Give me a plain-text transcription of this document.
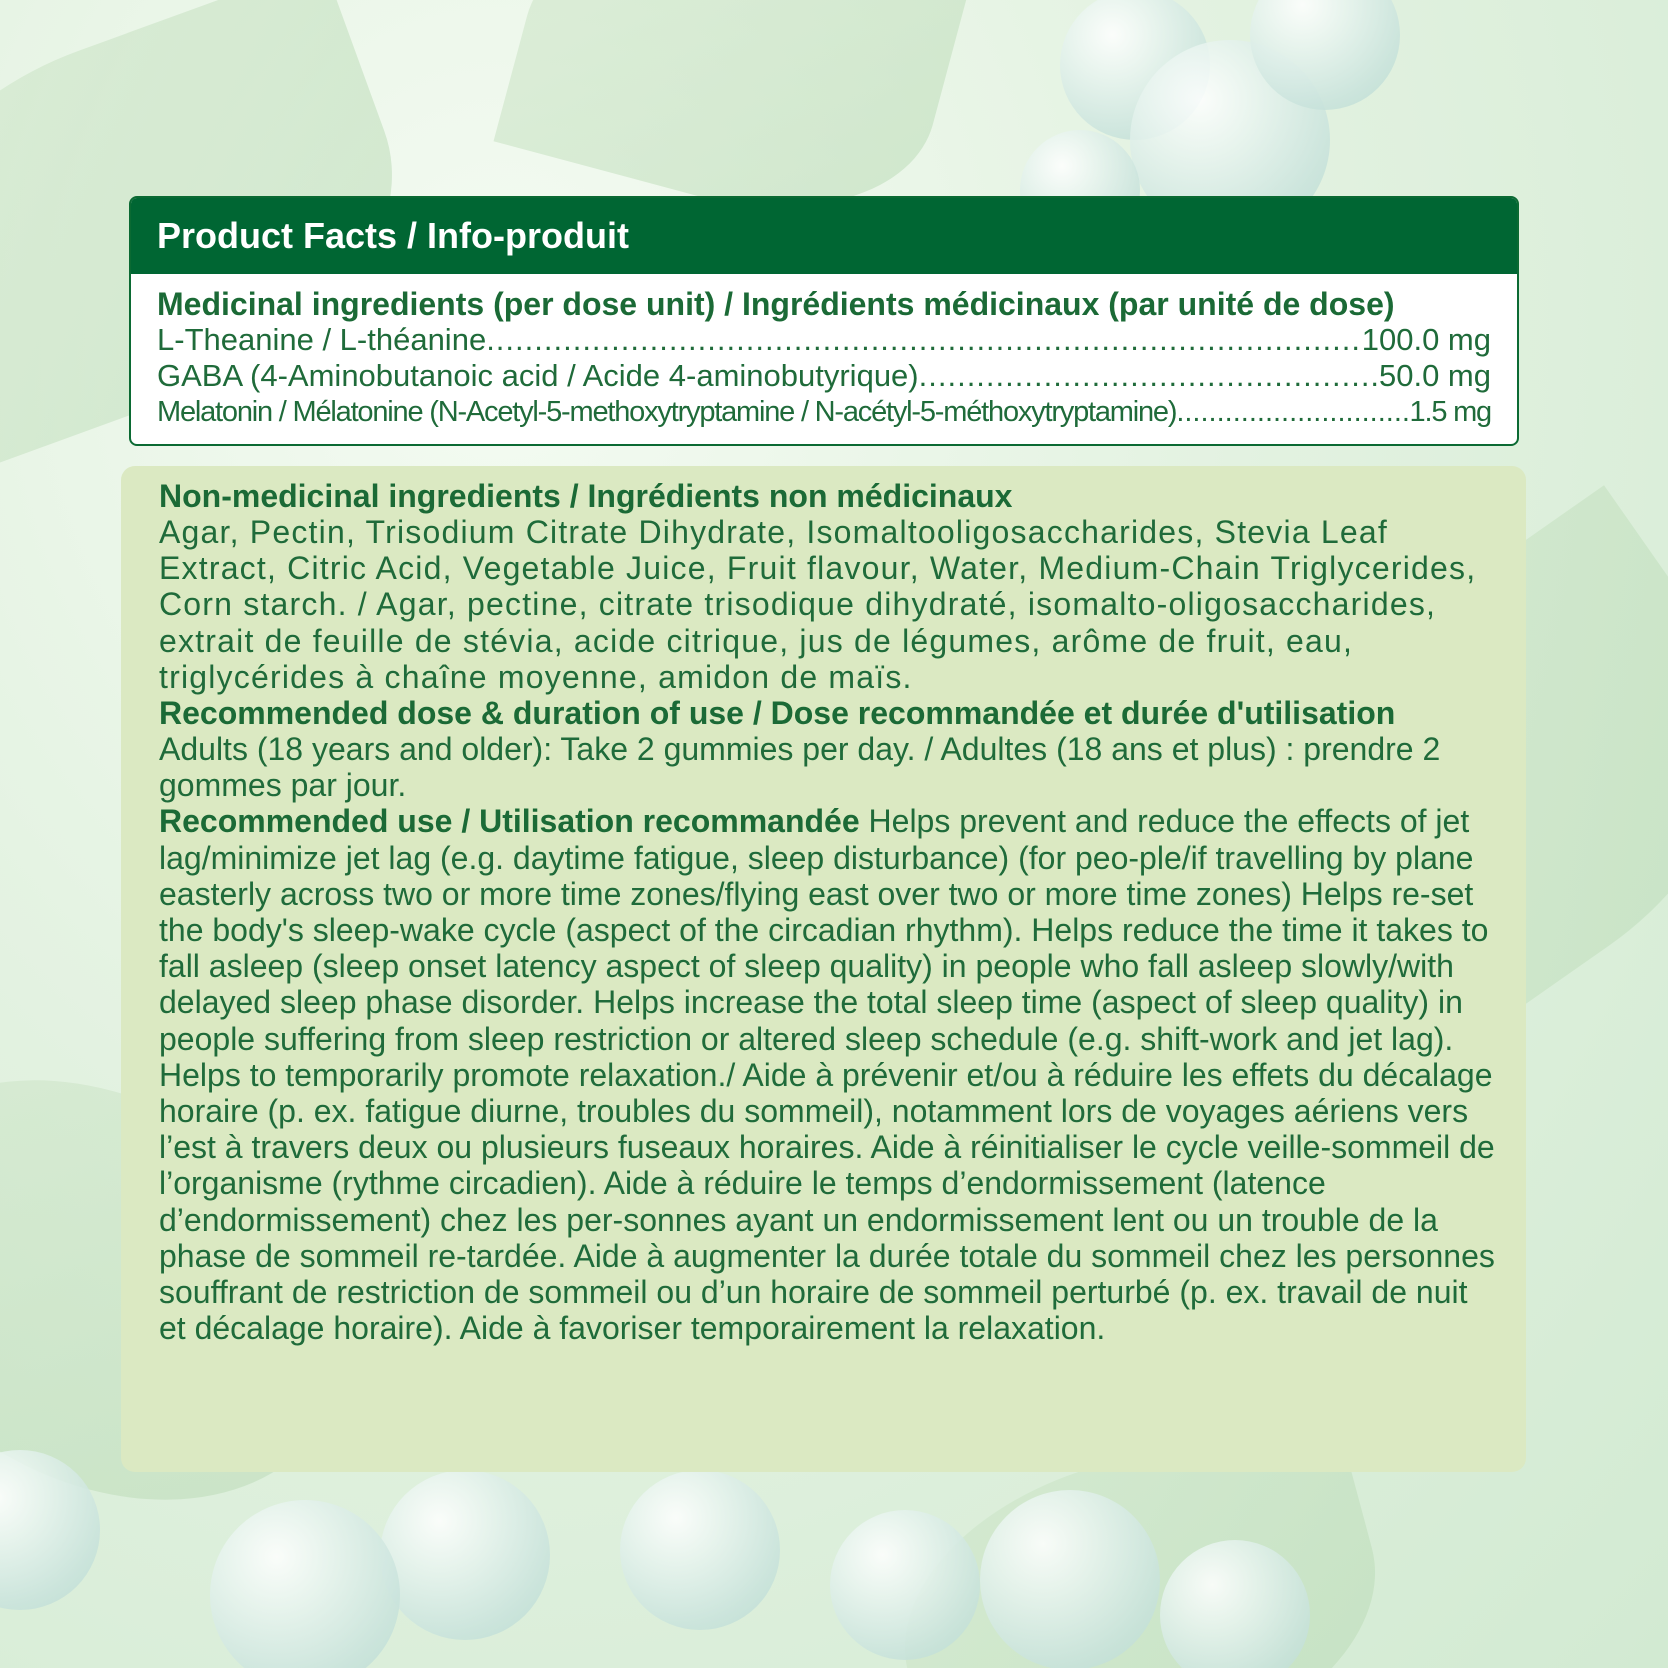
Product Facts / Info-produit
Medicinal ingredients (per dose unit) / Ingrédients médicinaux (par unité de dose)
L-Theanine / L-théanine .....	100.0 mg
GABA (4-Aminobutanoic acid / Acide 4-aminobutyrique) .....	50.0 mg
Melatonin / Mélatonine (N-Acetyl-5-methoxytryptamine / N-acétyl-5-méthoxytryptamine) .....	1.5 mg
Non-medicinal ingredients / Ingrédients non médicinaux
Agar, Pectin, Trisodium Citrate Dihydrate, Isomaltooligosaccharides, Stevia Leaf Extract, Citric Acid, Vegetable Juice, Fruit flavour, Water, Medium-Chain Triglycerides, Corn starch. / Agar, pectine, citrate trisodique dihydraté, isomalto-oligosaccharides, extrait de feuille de stévia, acide citrique, jus de légumes, arôme de fruit, eau, triglycérides à chaîne moyenne, amidon de maïs.
Recommended dose & duration of use / Dose recommandée et durée d'utilisation
Adults (18 years and older): Take 2 gummies per day. / Adultes (18 ans et plus) : prendre 2 gommes par jour.
Recommended use / Utilisation recommandée Helps prevent and reduce the effects of jet lag/minimize jet lag (e.g. daytime fatigue, sleep disturbance) (for peo-ple/if travelling by plane easterly across two or more time zones/flying east over two or more time zones) Helps re-set the body's sleep-wake cycle (aspect of the circadian rhythm). Helps reduce the time it takes to fall asleep (sleep onset latency aspect of sleep quality) in people who fall asleep slowly/with delayed sleep phase disorder. Helps increase the total sleep time (aspect of sleep quality) in people suffering from sleep restriction or altered sleep schedule (e.g. shift-work and jet lag). Helps to temporarily promote relaxation./ Aide à prévenir et/ou à réduire les effets du décalage horaire (p. ex. fatigue diurne, troubles du sommeil), notamment lors de voyages aériens vers l’est à travers deux ou plusieurs fuseaux horaires. Aide à réinitialiser le cycle veille-sommeil de l’organisme (rythme circadien). Aide à réduire le temps d’endormissement (latence d’endormissement) chez les per-sonnes ayant un endormissement lent ou un trouble de la phase de sommeil re-tardée. Aide à augmenter la durée totale du sommeil chez les personnes souffrant de restriction de sommeil ou d’un horaire de sommeil perturbé (p. ex. travail de nuit et décalage horaire). Aide à favoriser temporairement la relaxation.
